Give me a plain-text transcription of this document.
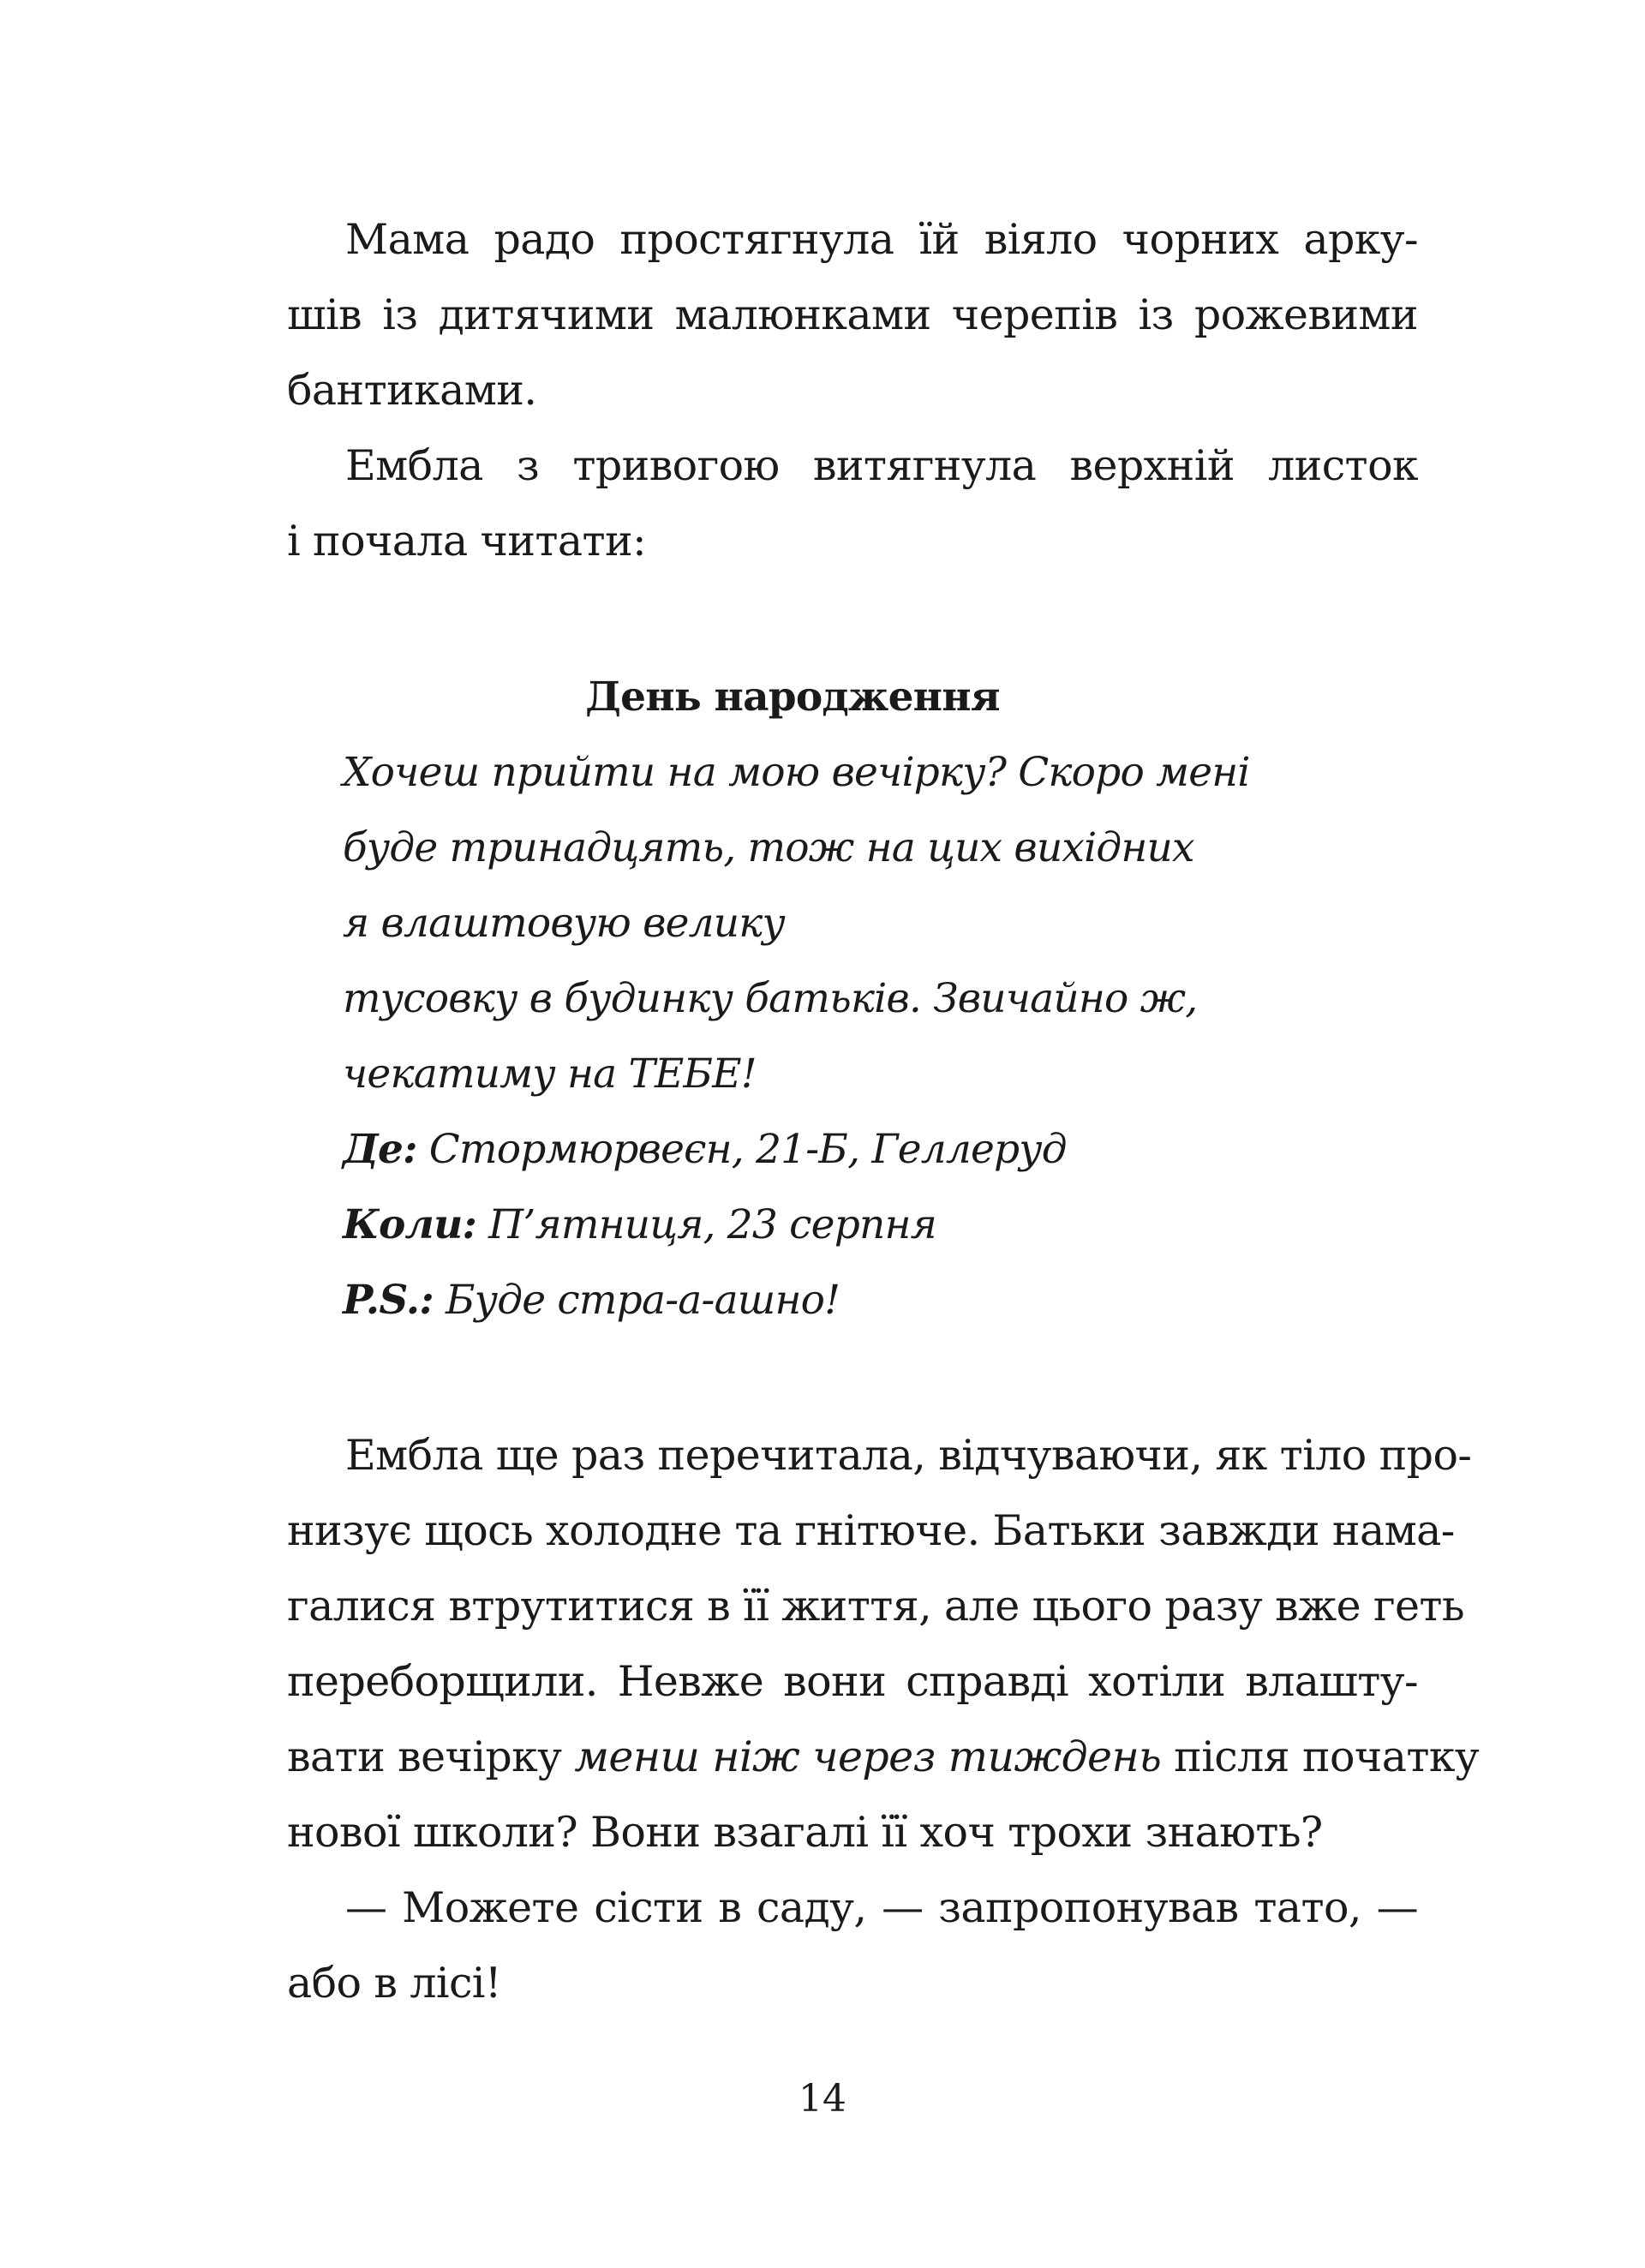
Мама радо простягнула їй віяло чорних арку-
шів із дитячими малюнками черепів із рожевими
бантиками.

Ембла з тривогою витягнула верхній листок
і почала читати:

День народження
Хочеш прийти на мою вечірку? Скоро мені
буде тринадцять, тож на цих вихідних
я влаштовую велику
тусовку в будинку батьків. Звичайно ж,
чекатиму на ТЕБЕ!
Де: Стормюрвеєн, 21-Б, Геллеруд
Коли: П’ятниця, 23 серпня
P.S.: Буде стра-а-ашно!

Ембла ще раз перечитала, відчуваючи, як тіло про-
низує щось холодне та гнітюче. Батьки завжди нама-
галися втрутитися в її життя, але цього разу вже геть
переборщили. Невже вони справді хотіли влашту-
вати вечірку менш ніж через тиждень після початку
нової школи? Вони взагалі її хоч трохи знають?

— Можете сісти в саду, — запропонував тато, —
або в лісі!

14
